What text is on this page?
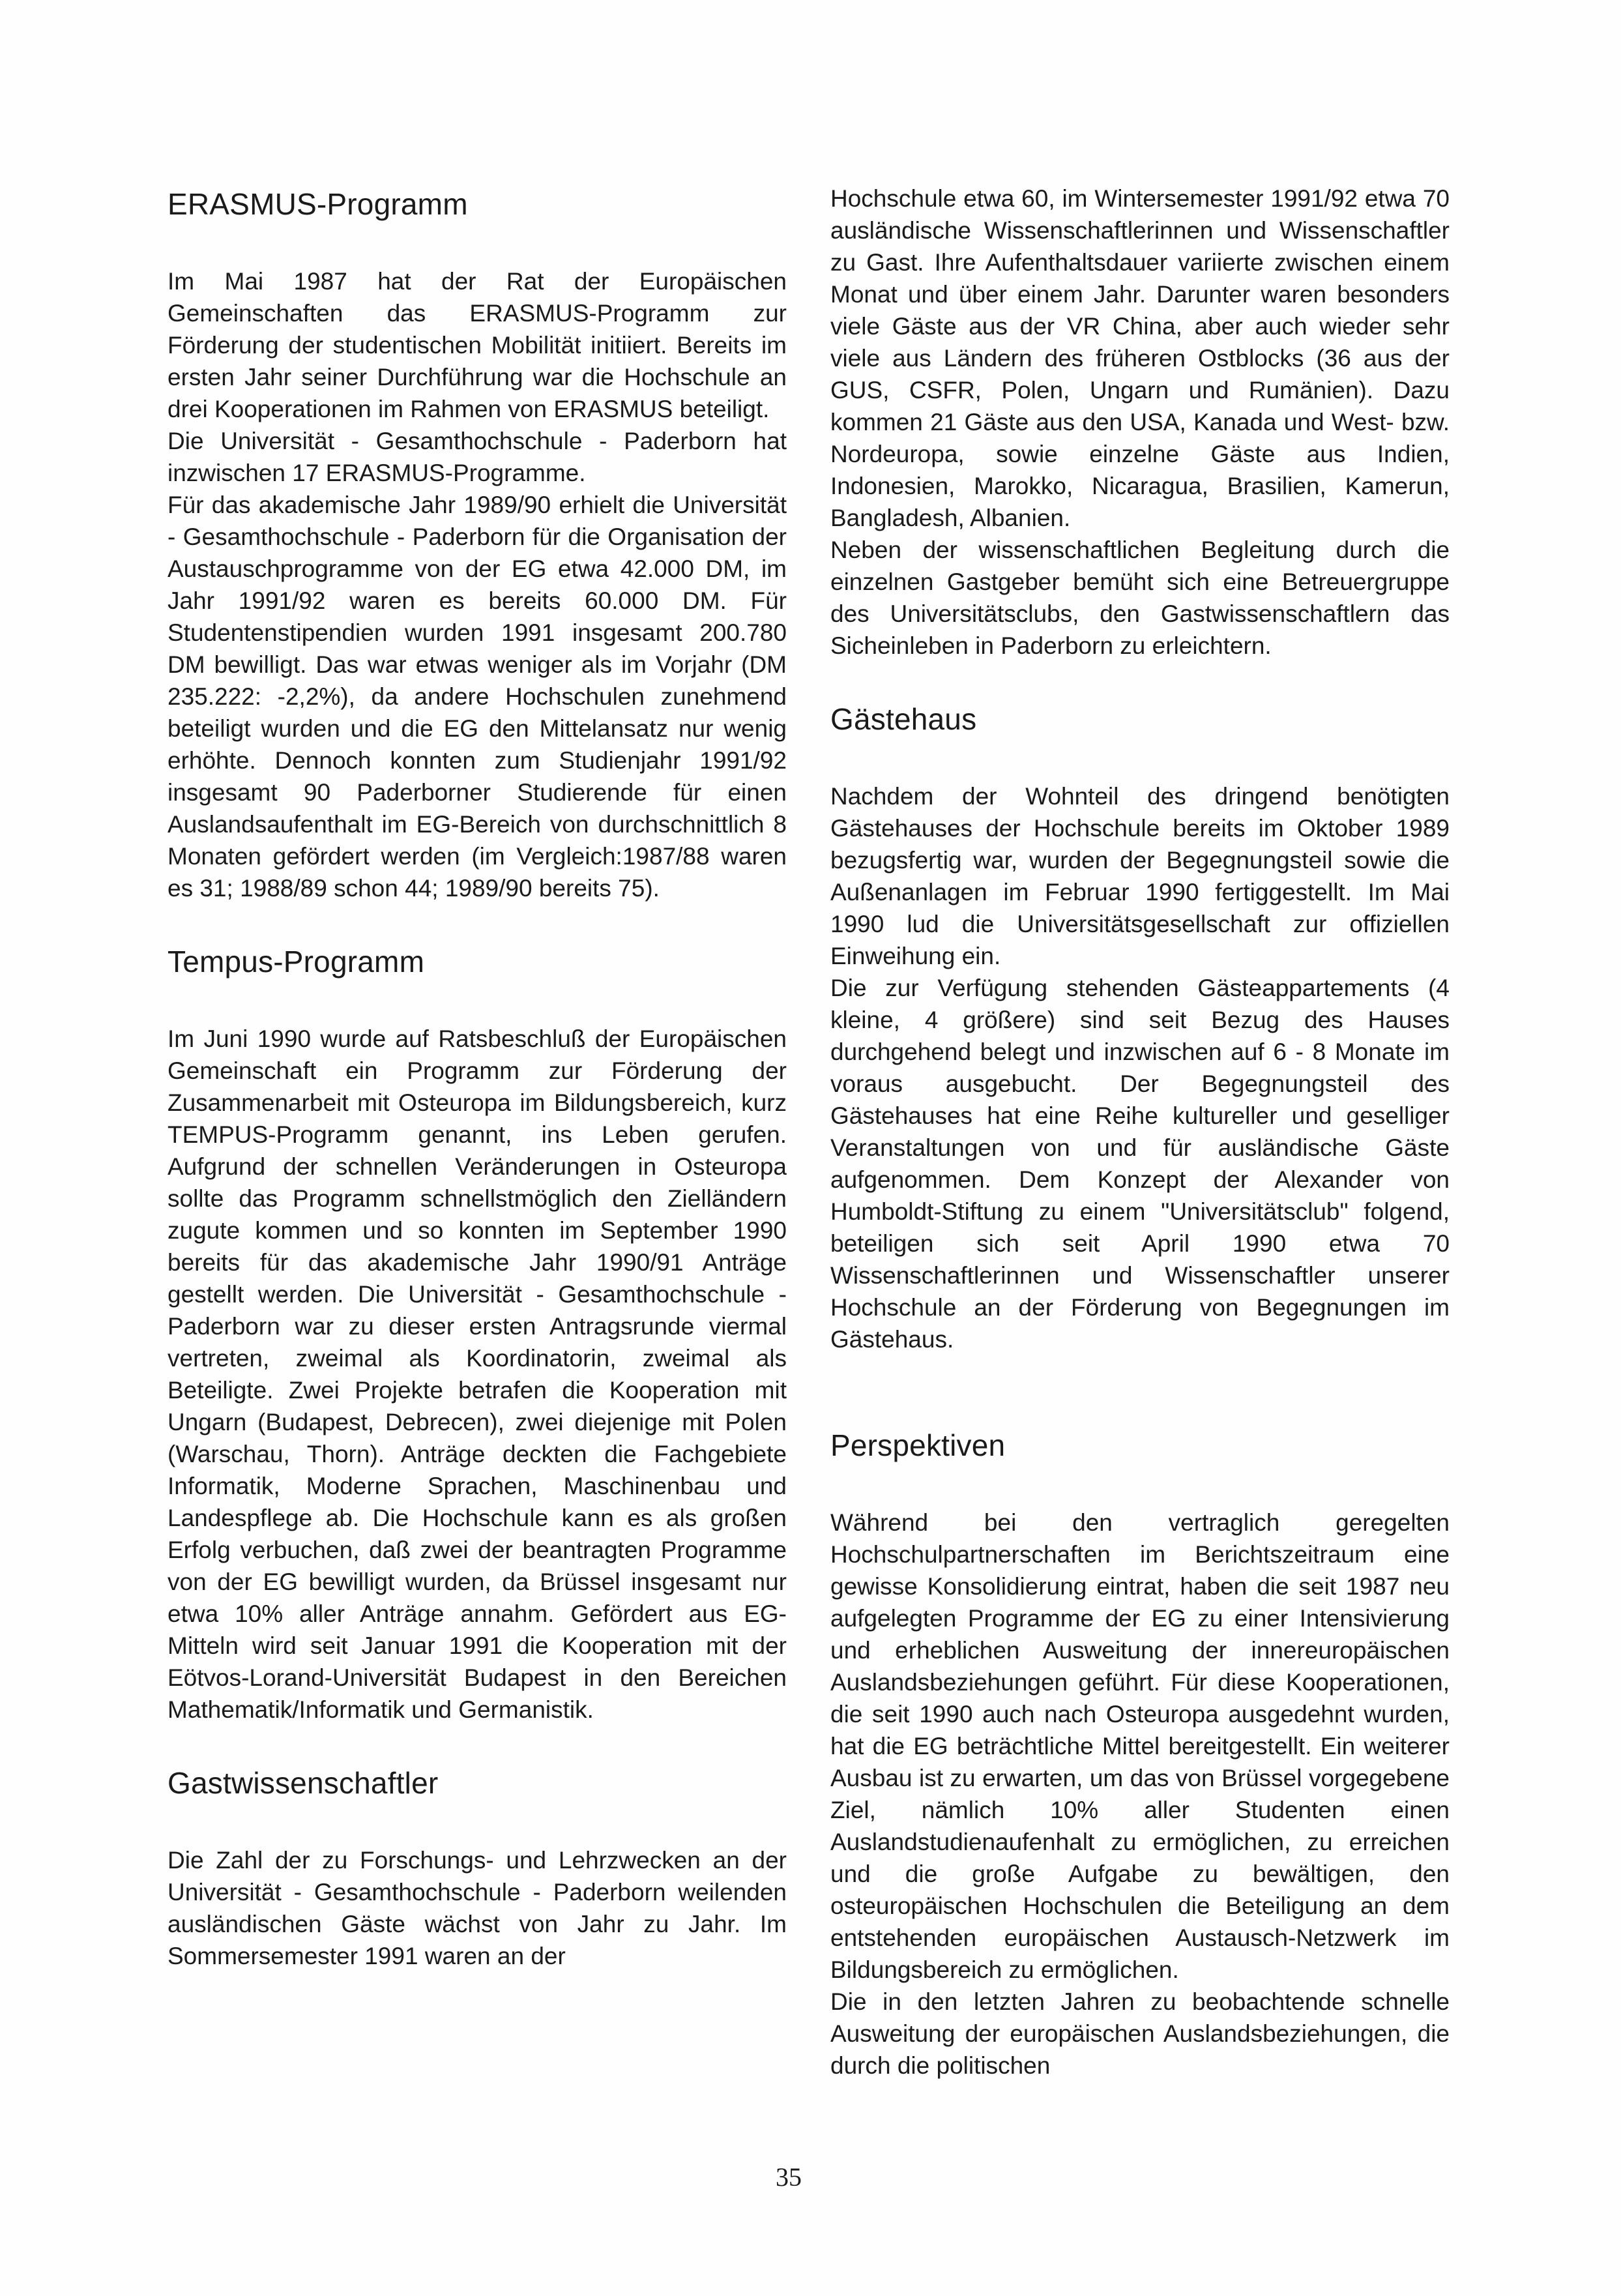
ERASMUS-Programm

Im Mai 1987 hat der Rat der Europäischen Gemeinschaften das ERASMUS-Programm zur Förderung der studentischen Mobilität initiiert. Bereits im ersten Jahr seiner Durchführung war die Hochschule an drei Kooperationen im Rahmen von ERASMUS beteiligt.

Die Universität - Gesamthochschule - Paderborn hat inzwischen 17 ERASMUS-Programme.

Für das akademische Jahr 1989/90 erhielt die Universität - Gesamthochschule - Paderborn für die Organisation der Austauschprogramme von der EG etwa 42.000 DM, im Jahr 1991/92 waren es bereits 60.000 DM. Für Studentenstipendien wurden 1991 insgesamt 200.780 DM bewilligt. Das war etwas weniger als im Vorjahr (DM 235.222: -2,2%), da andere Hochschulen zunehmend beteiligt wurden und die EG den Mittelansatz nur wenig erhöhte. Dennoch konnten zum Studienjahr 1991/92 insgesamt 90 Paderborner Studierende für einen Auslandsaufenthalt im EG-Bereich von durchschnittlich 8 Monaten gefördert werden (im Vergleich:1987/88 waren es 31; 1988/89 schon 44; 1989/90 bereits 75).

Tempus-Programm

Im Juni 1990 wurde auf Ratsbeschluß der Europäischen Gemeinschaft ein Programm zur Förderung der Zusammenarbeit mit Osteuropa im Bildungsbereich, kurz TEMPUS-Programm genannt, ins Leben gerufen. Aufgrund der schnellen Veränderungen in Osteuropa sollte das Programm schnellstmöglich den Zielländern zugute kommen und so konnten im September 1990 bereits für das akademische Jahr 1990/91 Anträge gestellt werden. Die Universität - Gesamthochschule - Paderborn war zu dieser ersten Antragsrunde viermal vertreten, zweimal als Koordinatorin, zweimal als Beteiligte. Zwei Projekte betrafen die Kooperation mit Ungarn (Budapest, Debrecen), zwei diejenige mit Polen (Warschau, Thorn). Anträge deckten die Fachgebiete Informatik, Moderne Sprachen, Maschinenbau und Landespflege ab. Die Hochschule kann es als großen Erfolg verbuchen, daß zwei der beantragten Programme von der EG bewilligt wurden, da Brüssel insgesamt nur etwa 10% aller Anträge annahm. Gefördert aus EG-Mitteln wird seit Januar 1991 die Kooperation mit der Eötvos-Lorand-Universität Budapest in den Bereichen Mathematik/Informatik und Germanistik.

Gastwissenschaftler

Die Zahl der zu Forschungs- und Lehrzwecken an der Universität - Gesamthochschule - Paderborn weilenden ausländischen Gäste wächst von Jahr zu Jahr. Im Sommersemester 1991 waren an der

Hochschule etwa 60, im Wintersemester 1991/92 etwa 70 ausländische Wissenschaftlerinnen und Wissenschaftler zu Gast. Ihre Aufenthaltsdauer variierte zwischen einem Monat und über einem Jahr. Darunter waren besonders viele Gäste aus der VR China, aber auch wieder sehr viele aus Ländern des früheren Ostblocks (36 aus der GUS, CSFR, Polen, Ungarn und Rumänien). Dazu kommen 21 Gäste aus den USA, Kanada und West- bzw. Nordeuropa, sowie einzelne Gäste aus Indien, Indonesien, Marokko, Nicaragua, Brasilien, Kamerun, Bangladesh, Albanien.

Neben der wissenschaftlichen Begleitung durch die einzelnen Gastgeber bemüht sich eine Betreuergruppe des Universitätsclubs, den Gastwissenschaftlern das Sicheinleben in Paderborn zu erleichtern.

Gästehaus

Nachdem der Wohnteil des dringend benötigten Gästehauses der Hochschule bereits im Oktober 1989 bezugsfertig war, wurden der Begegnungsteil sowie die Außenanlagen im Februar 1990 fertiggestellt. Im Mai 1990 lud die Universitätsgesellschaft zur offiziellen Einweihung ein.

Die zur Verfügung stehenden Gästeappartements (4 kleine, 4 größere) sind seit Bezug des Hauses durchgehend belegt und inzwischen auf 6 - 8 Monate im voraus ausgebucht. Der Begegnungsteil des Gästehauses hat eine Reihe kultureller und geselliger Veranstaltungen von und für ausländische Gäste aufgenommen. Dem Konzept der Alexander von Humboldt-Stiftung zu einem "Universitätsclub" folgend, beteiligen sich seit April 1990 etwa 70 Wissenschaftlerinnen und Wissenschaftler unserer Hochschule an der Förderung von Begegnungen im Gästehaus.

Perspektiven

Während bei den vertraglich geregelten Hochschulpartnerschaften im Berichtszeitraum eine gewisse Konsolidierung eintrat, haben die seit 1987 neu aufgelegten Programme der EG zu einer Intensivierung und erheblichen Ausweitung der innereuropäischen Auslandsbeziehungen geführt. Für diese Kooperationen, die seit 1990 auch nach Osteuropa ausgedehnt wurden, hat die EG beträchtliche Mittel bereitgestellt. Ein weiterer Ausbau ist zu erwarten, um das von Brüssel vorgegebene Ziel, nämlich 10% aller Studenten einen Auslandstudienaufenhalt zu ermöglichen, zu erreichen und die große Aufgabe zu bewältigen, den osteuropäischen Hochschulen die Beteiligung an dem entstehenden europäischen Austausch-Netzwerk im Bildungsbereich zu ermöglichen.

Die in den letzten Jahren zu beobachtende schnelle Ausweitung der europäischen Auslandsbeziehungen, die durch die politischen

35
